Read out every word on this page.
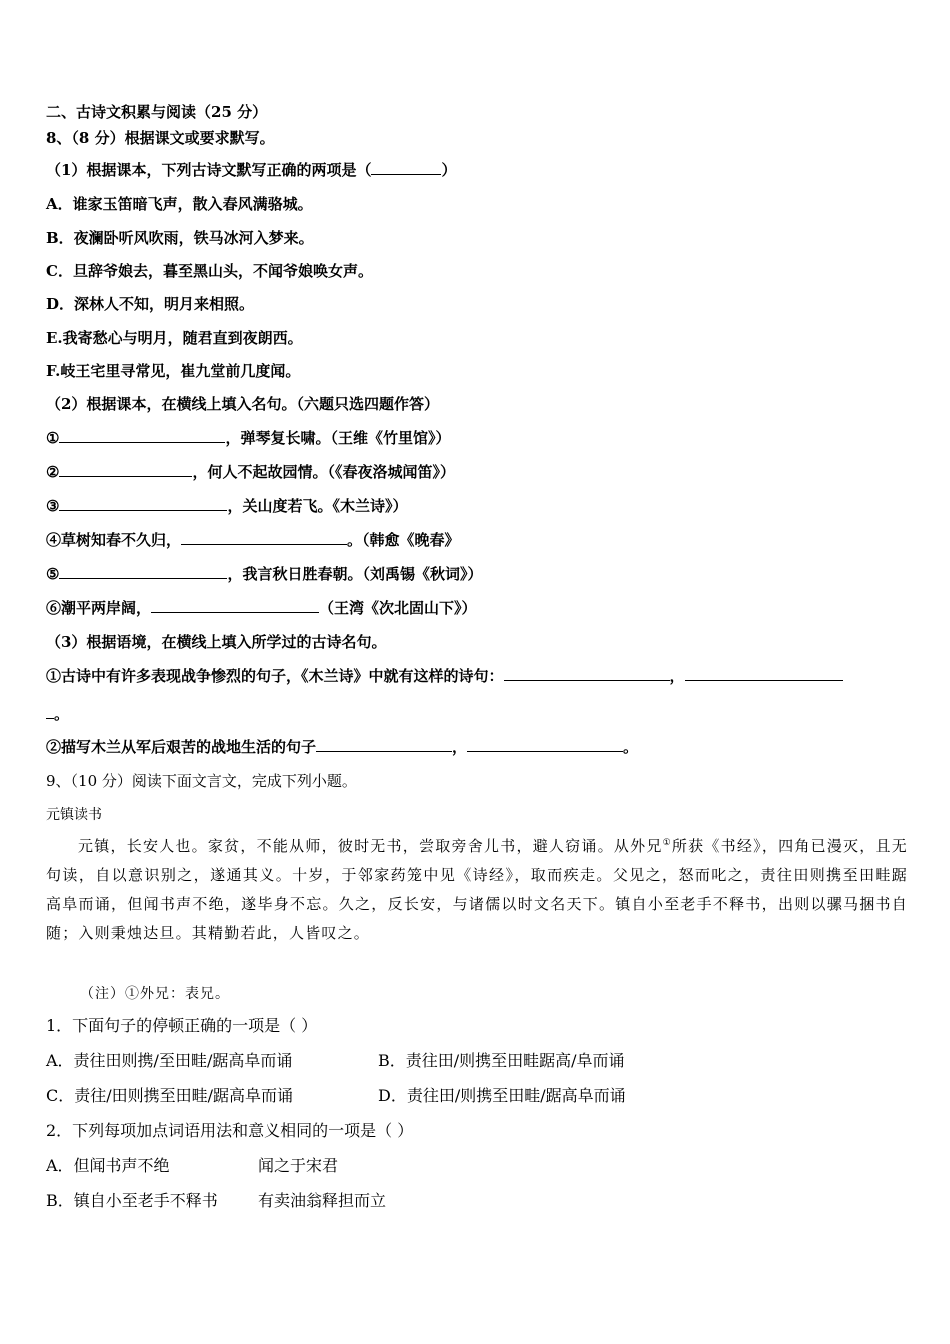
二、古诗文积累与阅读（25 分）
8、（8 分）根据课文或要求默写。
（1）根据课本，下列古诗文默写正确的两项是（	）
A．谁家玉笛暗飞声，散入春风满骆城。
B．夜澜卧听风吹雨，铁马冰河入梦来。
C．旦辞爷娘去，暮至黑山头，不闻爷娘唤女声。
D．深林人不知，明月来相照。
E.我寄愁心与明月，随君直到夜朗西。
F.岐王宅里寻常见，崔九堂前几度闻。
（2）根据课本，在横线上填入名句。（六题只选四题作答）
①	，弹琴复长啸。（王维《竹里馆》）
②	，何人不起故园情。（《春夜洛城闻笛》）
③	，关山度若飞。《木兰诗》）
④草树知春不久归，	。（韩愈《晚春》
⑤	，我言秋日胜春朝。（刘禹锡《秋词》）
⑥潮平两岸阔，	（王湾《次北固山下》）
（3）根据语境，在横线上填入所学过的古诗名句。
①古诗中有许多表现战争惨烈的句子，《木兰诗》中就有这样的诗句：	，
。
②描写木兰从军后艰苦的战地生活的句子	，	。
9、（10 分）阅读下面文言文，完成下列小题。
元镇读书

元镇，长安人也。家贫，不能从师，彼时无书，尝取旁舍儿书，避人窃诵。从外兄①所获《书经》，四角已漫灭，且无句读，自以意识别之，遂通其义。十岁，于邻家药笼中见《诗经》，取而疾走。父见之，怒而叱之，责往田则携至田畦踞高阜而诵，但闻书声不绝，遂毕身不忘。久之，反长安，与诸儒以时文名天下。镇自小至老手不释书，出则以骡马捆书自随；入则秉烛达旦。其精勤若此，人皆叹之。

（注）①外兄：表兄。
1．下面句子的停顿正确的一项是（ ）
A．责往田则携/至田畦/踞高阜而诵	B．责往田/则携至田畦踞高/阜而诵
C．责往/田则携至田畦/踞高阜而诵	D．责往田/则携至田畦/踞高阜而诵
2．下列每项加点词语用法和意义相同的一项是（ ）
A．但闻书声不绝	闻之于宋君
B．镇自小至老手不释书	有卖油翁释担而立
